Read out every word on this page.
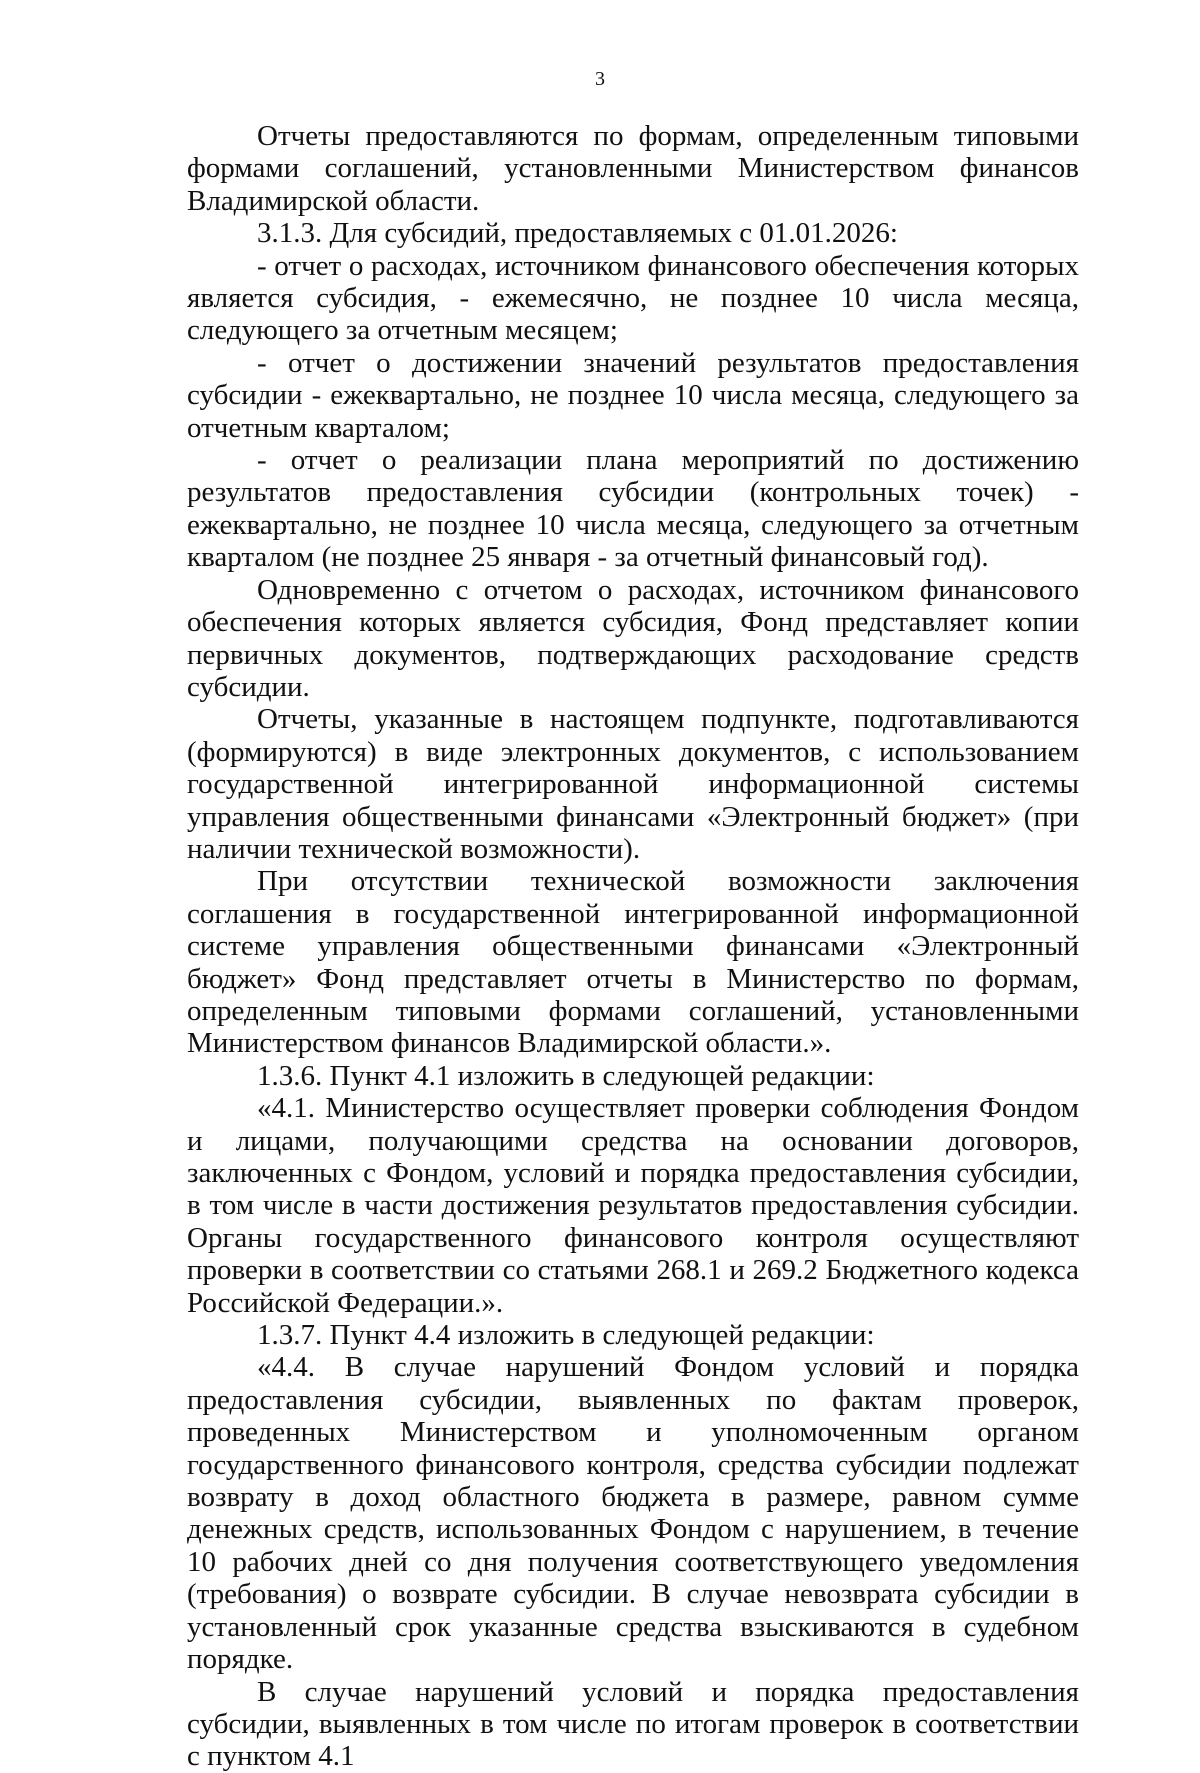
3

Отчеты предоставляются по формам, определенным типовыми формами соглашений, установленными Министерством финансов Владимирской области.

3.1.3. Для субсидий, предоставляемых с 01.01.2026:

- отчет о расходах, источником финансового обеспечения которых является субсидия, - ежемесячно, не позднее 10 числа месяца, следующего за отчетным месяцем;

- отчет о достижении значений результатов предоставления субсидии - ежеквартально, не позднее 10 числа месяца, следующего за отчетным кварталом;

- отчет о реализации плана мероприятий по достижению результатов предоставления субсидии (контрольных точек) - ежеквартально, не позднее 10 числа месяца, следующего за отчетным кварталом (не позднее 25 января - за отчетный финансовый год).

Одновременно с отчетом о расходах, источником финансового обеспечения которых является субсидия, Фонд представляет копии первичных документов, подтверждающих расходование средств субсидии.

Отчеты, указанные в настоящем подпункте, подготавливаются (формируются) в виде электронных документов, с использованием государственной интегрированной информационной системы управления общественными финансами «Электронный бюджет» (при наличии технической возможности).

При отсутствии технической возможности заключения соглашения в государственной интегрированной информационной системе управления общественными финансами «Электронный бюджет» Фонд представляет отчеты в Министерство по формам, определенным типовыми формами соглашений, установленными Министерством финансов Владимирской области.».

1.3.6. Пункт 4.1 изложить в следующей редакции:

«4.1. Министерство осуществляет проверки соблюдения Фондом и лицами, получающими средства на основании договоров, заключенных с Фондом, условий и порядка предоставления субсидии, в том числе в части достижения результатов предоставления субсидии. Органы государственного финансового контроля осуществляют проверки в соответствии со статьями 268.1 и 269.2 Бюджетного кодекса Российской Федерации.».

1.3.7. Пункт 4.4 изложить в следующей редакции:

«4.4. В случае нарушений Фондом условий и порядка предоставления субсидии, выявленных по фактам проверок, проведенных Министерством и уполномоченным органом государственного финансового контроля, средства субсидии подлежат возврату в доход областного бюджета в размере, равном сумме денежных средств, использованных Фондом с нарушением, в течение 10 рабочих дней со дня получения соответствующего уведомления (требования) о возврате субсидии. В случае невозврата субсидии в установленный срок указанные средства взыскиваются в судебном порядке.

В случае нарушений условий и порядка предоставления субсидии, выявленных в том числе по итогам проверок в соответствии с пунктом 4.1
